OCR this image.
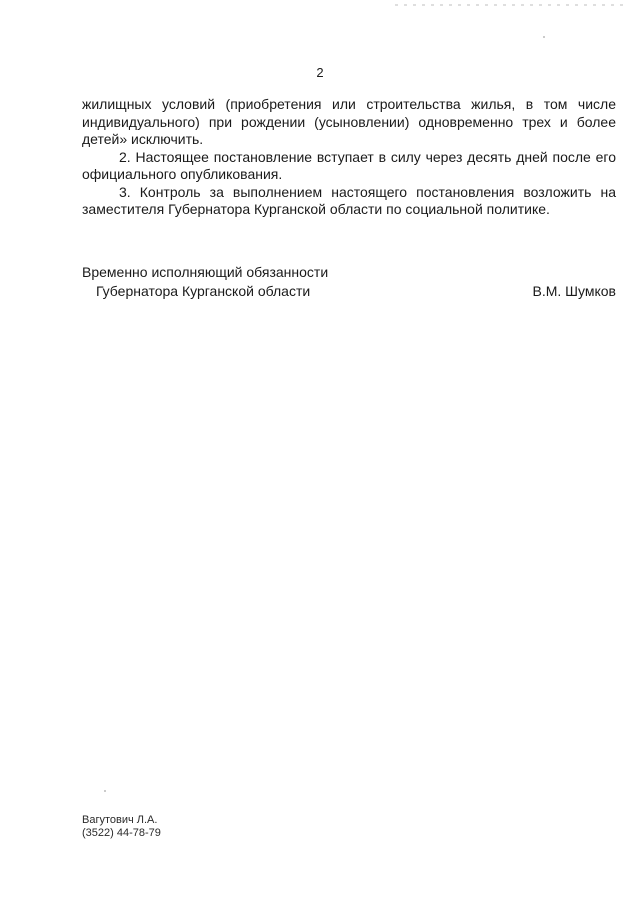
2

жилищных условий (приобретения или строительства жилья, в том числе индивидуального) при рождении (усыновлении) одновременно трех и более детей» исключить.

2. Настоящее постановление вступает в силу через десять дней после его официального опубликования.

3. Контроль за выполнением настоящего постановления возложить на заместителя Губернатора Курганской области по социальной политике.

Временно исполняющий обязанности
Губернатора Курганской области	В.М. Шумков
Вагутович Л.А.
(3522) 44-78-79
